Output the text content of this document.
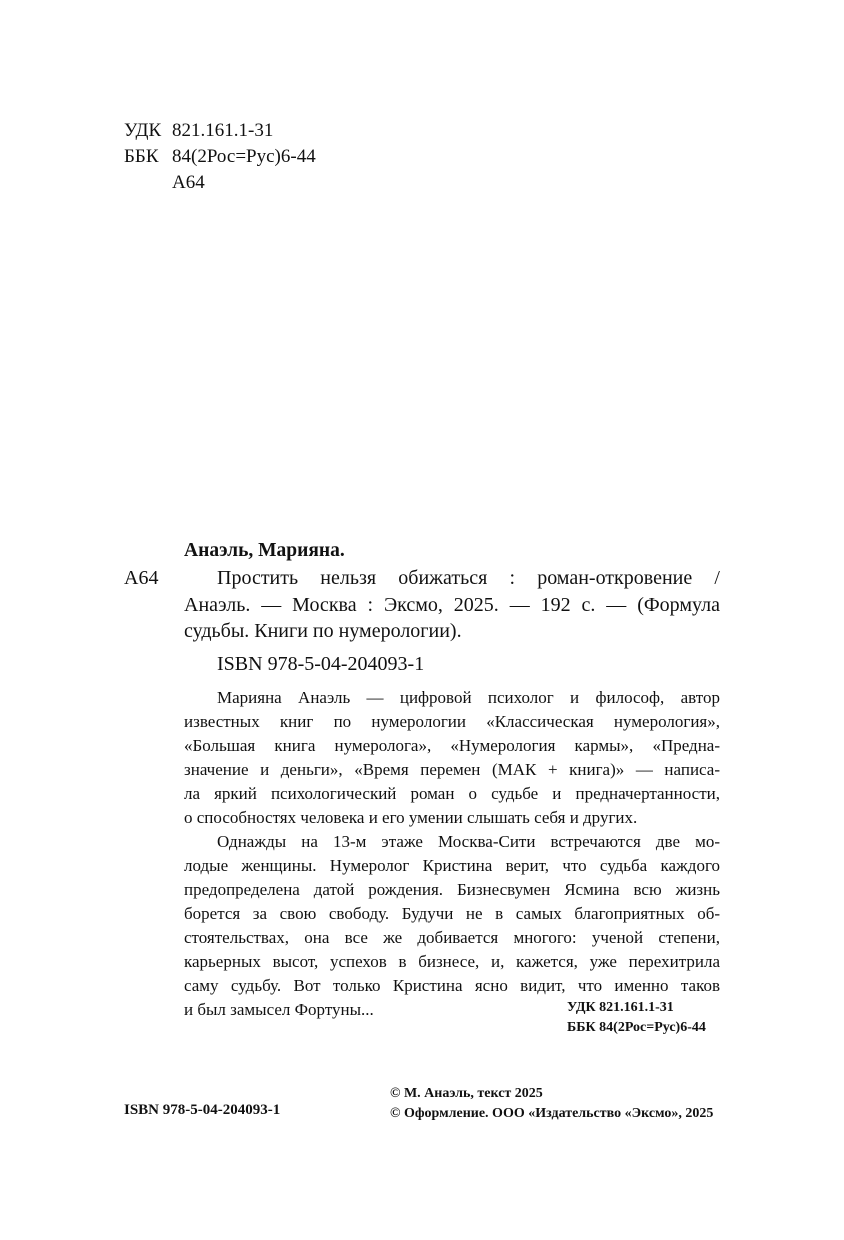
УДК 821.161.1-31
ББК 84(2Рос=Рус)6-44
А64
Анаэль, Марияна.
А64	Простить нельзя обижаться : роман-откровение /
Анаэль. — Москва : Эксмо, 2025. — 192 с. — (Формула
судьбы. Книги по нумерологии).
ISBN 978-5-04-204093-1
Марияна Анаэль — цифровой психолог и философ, автор
известных книг по нумерологии «Классическая нумерология»,
«Большая книга нумеролога», «Нумерология кармы», «Предна-
значение и деньги», «Время перемен (МАК + книга)» — написа-
ла яркий психологический роман о судьбе и предначертанности,
о способностях человека и его умении слышать себя и других.
Однажды на 13-м этаже Москва-Сити встречаются две мо-
лодые женщины. Нумеролог Кристина верит, что судьба каждого
предопределена датой рождения. Бизнесвумен Ясмина всю жизнь
борется за свою свободу. Будучи не в самых благоприятных об-
стоятельствах, она все же добивается многого: ученой степени,
карьерных высот, успехов в бизнесе, и, кажется, уже перехитрила
саму судьбу. Вот только Кристина ясно видит, что именно таков
и был замысел Фортуны...	УДК 821.161.1-31
ББК 84(2Рос=Рус)6-44
ISBN 978-5-04-204093-1
© М. Анаэль, текст 2025
© Оформление. ООО «Издательство «Эксмо», 2025
